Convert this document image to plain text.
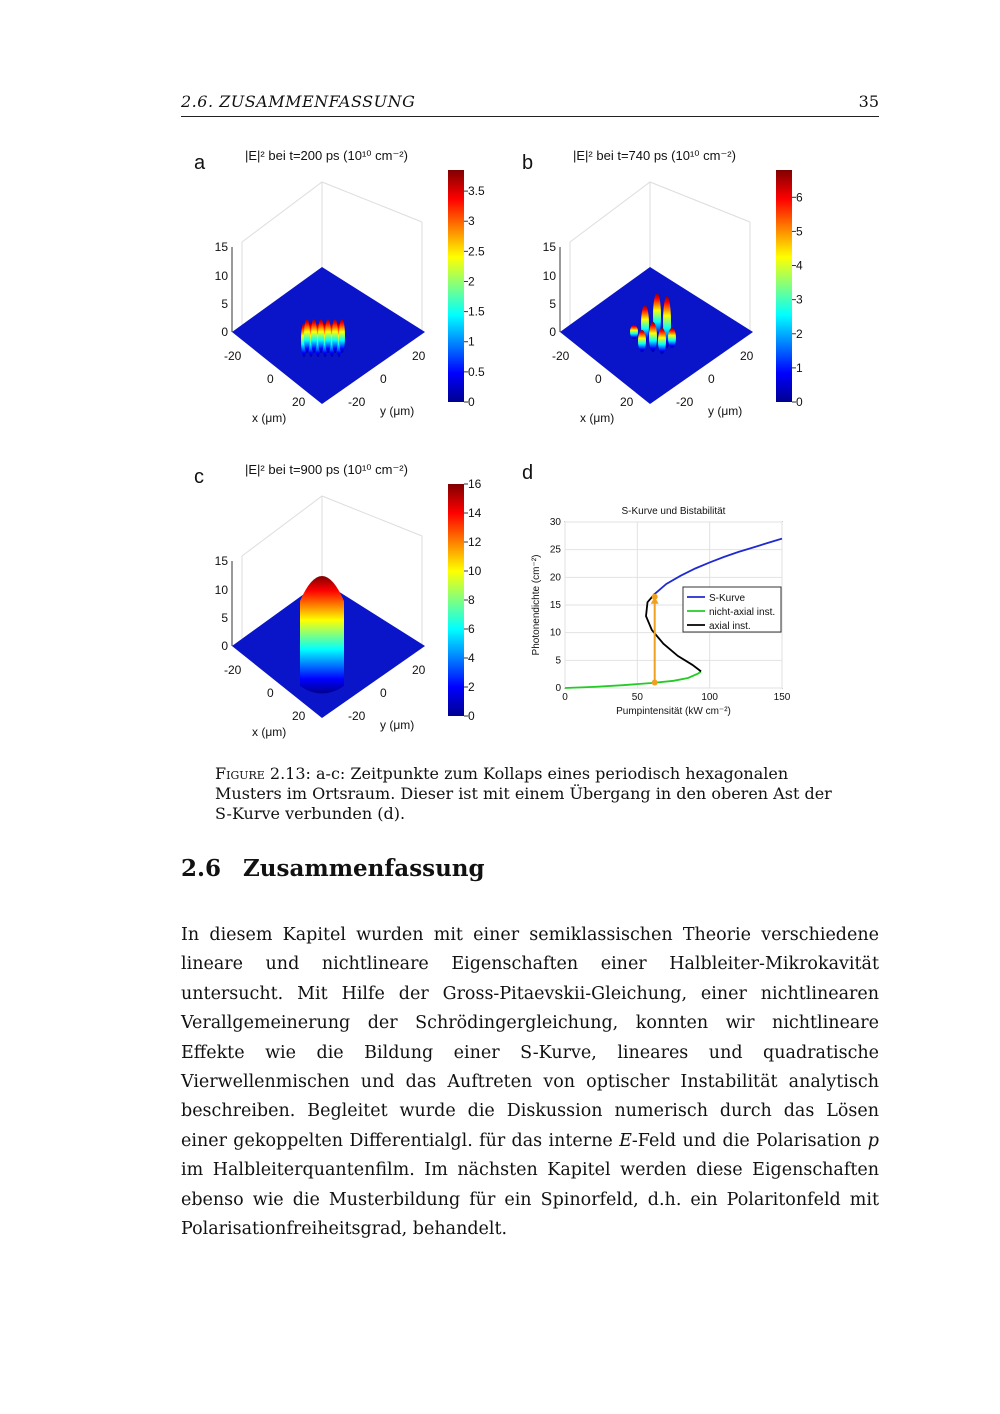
2.6. ZUSAMMENFASSUNG	35
a	|E|² bei t=200 ps (10¹⁰ cm⁻²)
0
5
10
15
-20
0
20
20
0
-20
x (μm)	y (μm)
0
0.5
1
1.5
2
2.5
3
3.5
b	|E|² bei t=740 ps (10¹⁰ cm⁻²)
0
5
10
15
-20
0
20
20
0
-20
x (μm)	y (μm)
0
1
2
3
4
5
6
c	|E|² bei t=900 ps (10¹⁰ cm⁻²)
0
5
10
15
-20
0
20
20
0
-20
x (μm)	y (μm)
0
2
4
6
8
10
12
14
16 d
S-Kurve und Bistabilität
0	50	100	150
0
5
10
15
20
25
30
Pumpintensität (kW cm⁻²)
Photonendichte (cm⁻²)	S-Kurve
nicht-axial inst.
axial inst.
Figure 2.13: a-c: Zeitpunkte zum Kollaps eines periodisch hexagonalen Musters im Ortsraum. Dieser ist mit einem Übergang in den oberen Ast der S-Kurve verbunden (d).
2.6 Zusammenfassung
In diesem Kapitel wurden mit einer semiklassischen Theorie verschiedene lineare und nichtlineare Eigenschaften einer Halbleiter-Mikrokavität untersucht. Mit Hilfe der Gross-Pitaevskii-Gleichung, einer nichtlinearen Verallgemeinerung der Schrödingergleichung, konnten wir nichtlineare Effekte wie die Bildung einer S-Kurve, lineares und quadratische Vierwellenmischen und das Auftreten von optischer Instabilität analytisch beschreiben. Begleitet wurde die Diskussion numerisch durch das Lösen einer gekoppelten Differentialgl. für das interne E-Feld und die Polarisation p im Halbleiterquantenfilm. Im nächsten Kapitel werden diese Eigenschaften ebenso wie die Musterbildung für ein Spinorfeld, d.h. ein Polaritonfeld mit Polarisationfreiheitsgrad, behandelt.
